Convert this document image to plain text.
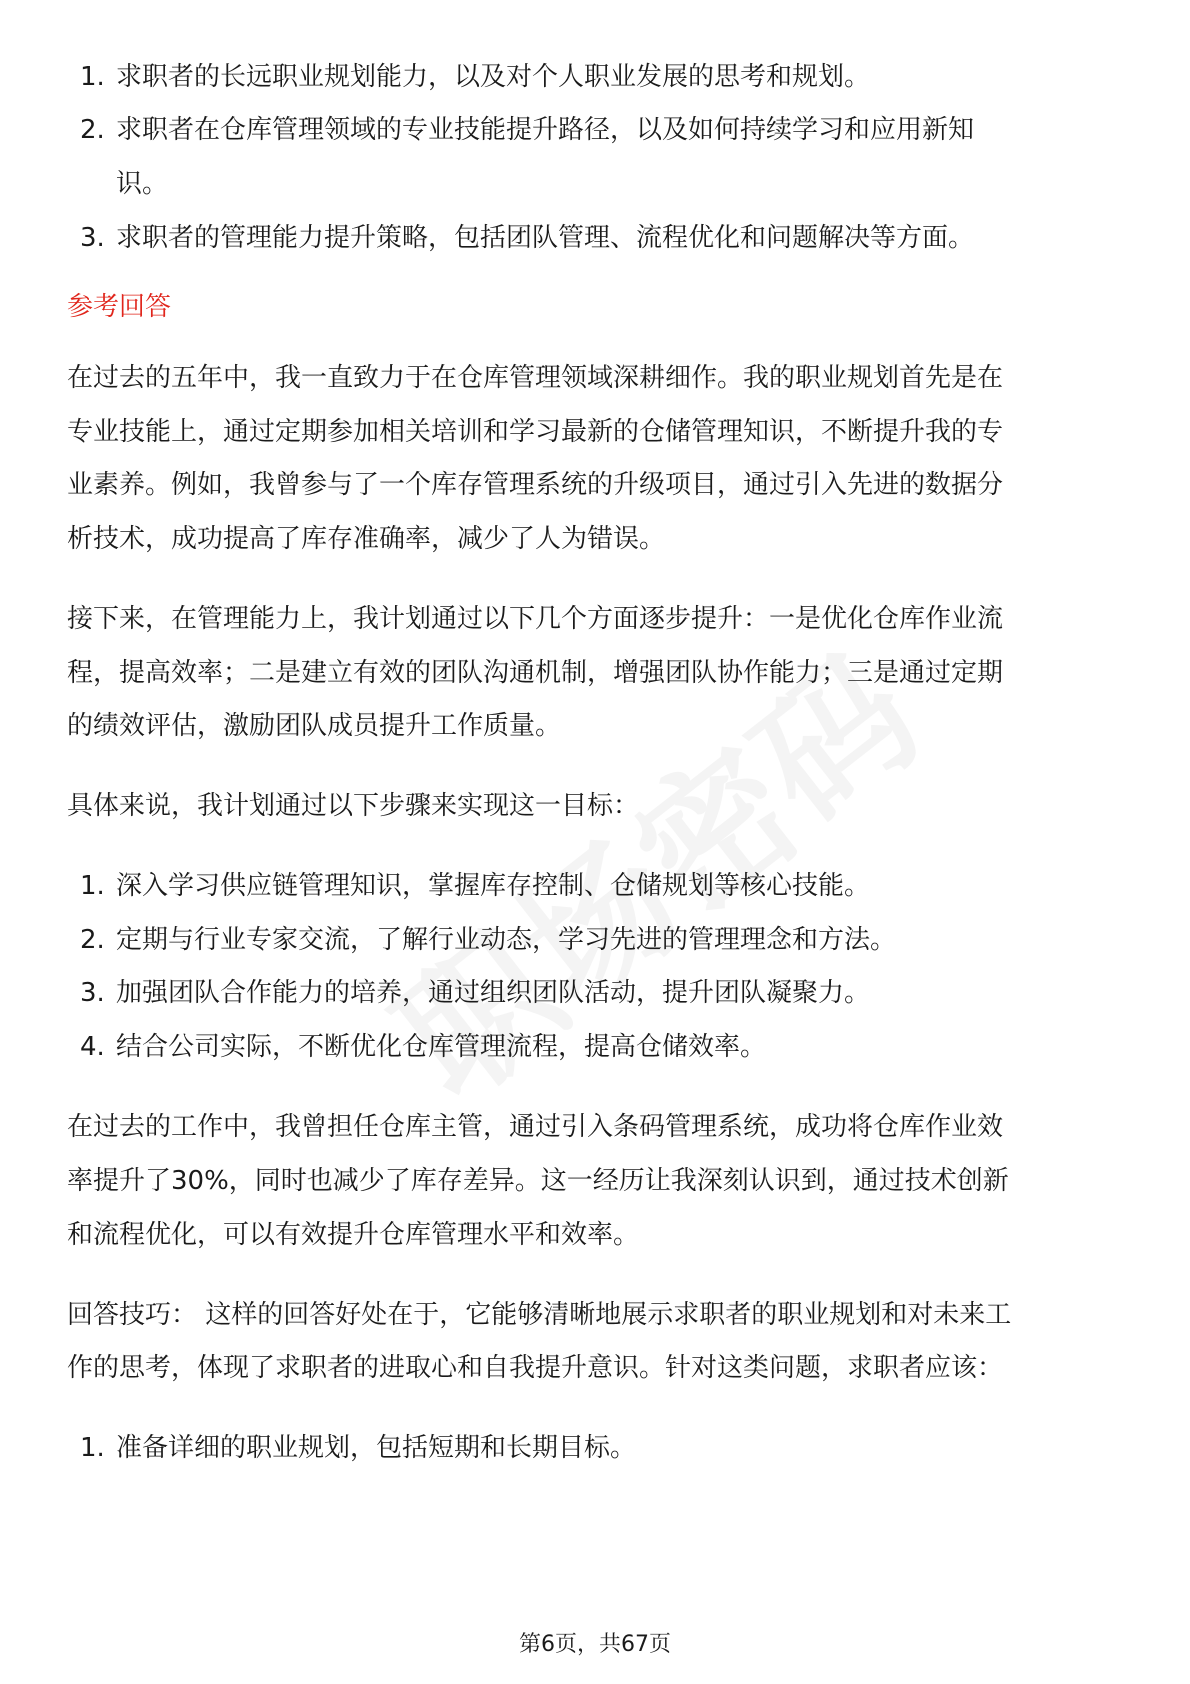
1. 求职者的长远职业规划能力，以及对个人职业发展的思考和规划。
2. 求职者在仓库管理领域的专业技能提升路径，以及如何持续学习和应用新知
识。
3. 求职者的管理能力提升策略，包括团队管理、流程优化和问题解决等方面。
参考回答
在过去的五年中，我一直致力于在仓库管理领域深耕细作。我的职业规划首先是在
专业技能上，通过定期参加相关培训和学习最新的仓储管理知识，不断提升我的专
业素养。例如，我曾参与了一个库存管理系统的升级项目，通过引入先进的数据分
析技术，成功提高了库存准确率，减少了人为错误。
接下来，在管理能力上，我计划通过以下几个方面逐步提升：一是优化仓库作业流
程，提高效率；二是建立有效的团队沟通机制，增强团队协作能力；三是通过定期
的绩效评估，激励团队成员提升工作质量。
具体来说，我计划通过以下步骤来实现这一目标：
1. 深入学习供应链管理知识，掌握库存控制、仓储规划等核心技能。
2. 定期与行业专家交流，了解行业动态，学习先进的管理理念和方法。
3. 加强团队合作能力的培养，通过组织团队活动，提升团队凝聚力。
4. 结合公司实际，不断优化仓库管理流程，提高仓储效率。
在过去的工作中，我曾担任仓库主管，通过引入条码管理系统，成功将仓库作业效
率提升了30%，同时也减少了库存差异。这一经历让我深刻认识到，通过技术创新
和流程优化，可以有效提升仓库管理水平和效率。
回答技巧： 这样的回答好处在于，它能够清晰地展示求职者的职业规划和对未来工
作的思考，体现了求职者的进取心和自我提升意识。针对这类问题，求职者应该：
1. 准备详细的职业规划，包括短期和长期目标。
第6页，共67页
